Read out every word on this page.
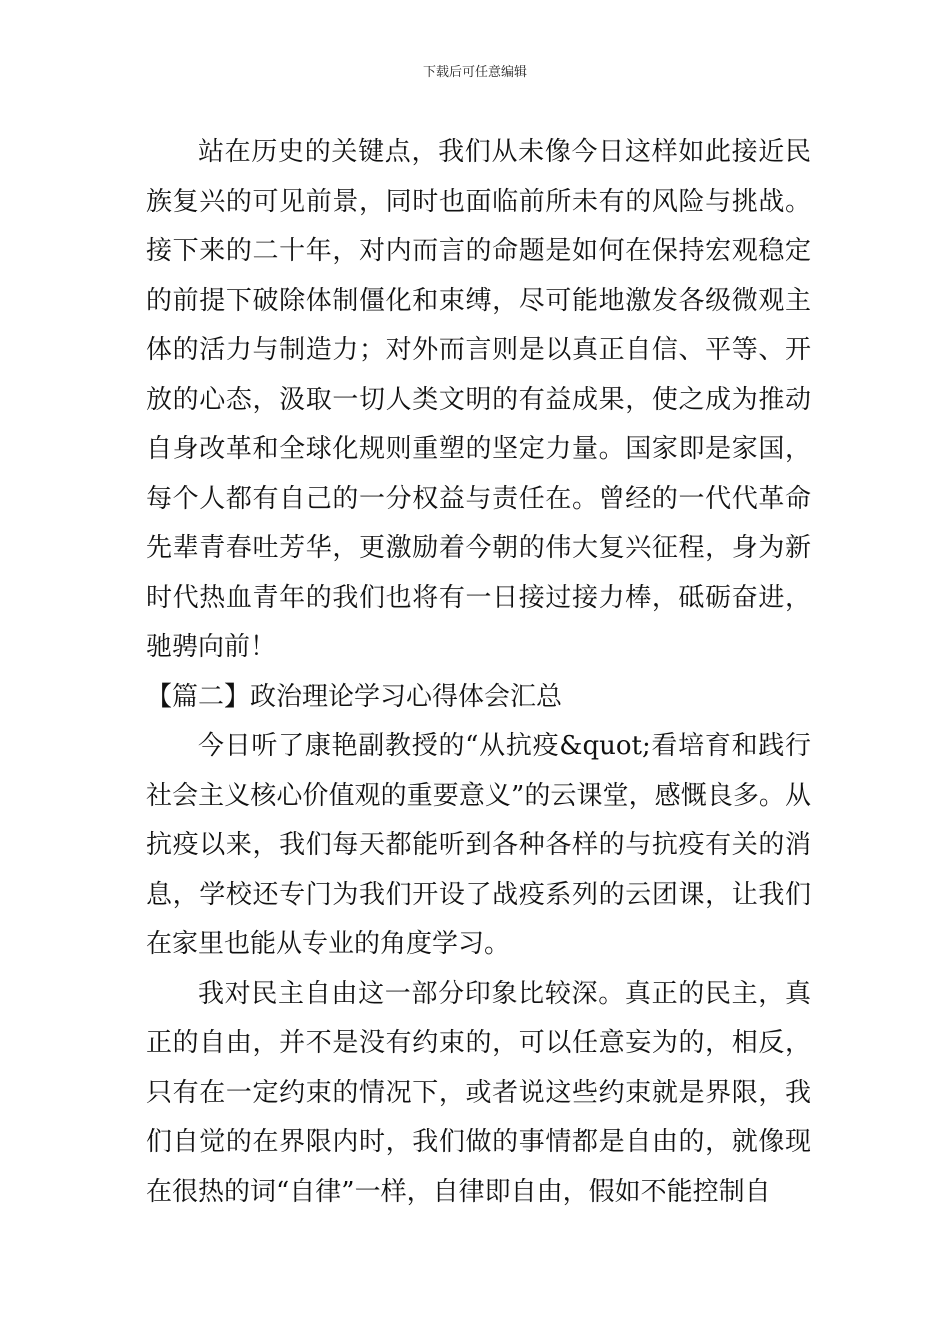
下载后可任意编辑

站在历史的关键点，我们从未像今日这样如此接近民族复兴的可见前景，同时也面临前所未有的风险与挑战。接下来的二十年，对内而言的命题是如何在保持宏观稳定的前提下破除体制僵化和束缚，尽可能地激发各级微观主体的活力与制造力；对外而言则是以真正自信、平等、开放的心态，汲取一切人类文明的有益成果，使之成为推动自身改革和全球化规则重塑的坚定力量。国家即是家国，每个人都有自己的一分权益与责任在。曾经的一代代革命先辈青春吐芳华，更激励着今朝的伟大复兴征程，身为新时代热血青年的我们也将有一日接过接力棒，砥砺奋进，驰骋向前！

【篇二】政治理论学习心得体会汇总

今日听了康艳副教授的“从抗疫&quot;看培育和践行社会主义核心价值观的重要意义”的云课堂，感慨良多。从抗疫以来，我们每天都能听到各种各样的与抗疫有关的消息，学校还专门为我们开设了战疫系列的云团课，让我们在家里也能从专业的角度学习。

我对民主自由这一部分印象比较深。真正的民主，真正的自由，并不是没有约束的，可以任意妄为的，相反，只有在一定约束的情况下，或者说这些约束就是界限，我们自觉的在界限内时，我们做的事情都是自由的，就像现在很热的词“自律”一样，自律即自由，假如不能控制自
